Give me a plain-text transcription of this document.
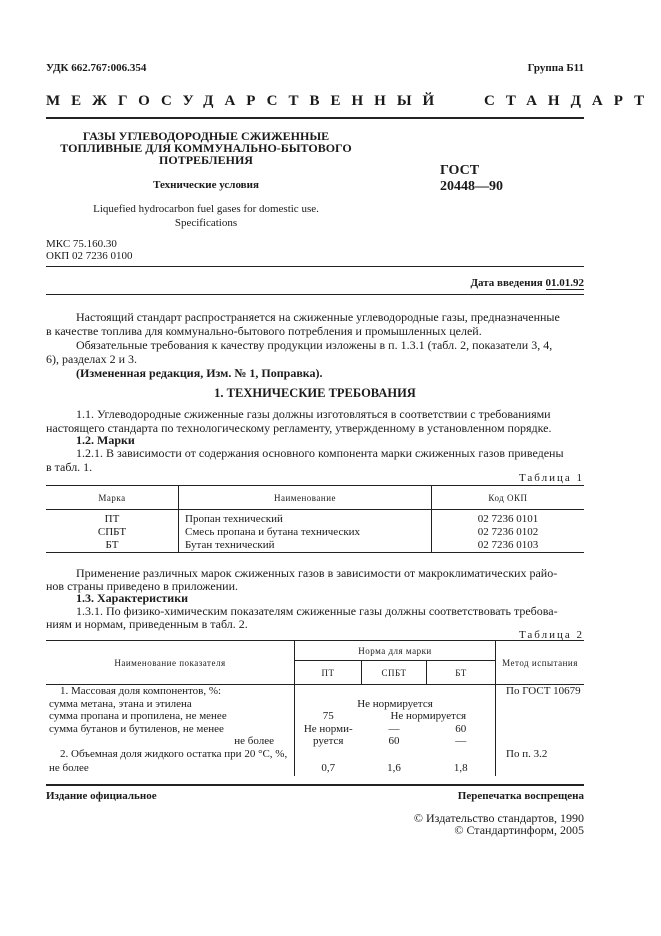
УДК 662.767:006.354	Группа Б11
МЕЖГОСУДАРСТВЕННЫЙ	СТАНДАРТ
ГАЗЫ УГЛЕВОДОРОДНЫЕ СЖИЖЕННЫЕ
ТОПЛИВНЫЕ ДЛЯ КОММУНАЛЬНО-БЫТОВОГО
ПОТРЕБЛЕНИЯ
Технические условия
Liquefied hydrocarbon fuel gases for domestic use.
Specifications
ГОСТ
20448—90
МКС 75.160.30
ОКП 02 7236 0100
Дата введения 01.01.92
Настоящий стандарт распространяется на сжиженные углеводородные газы, предназначенные
в качестве топлива для коммунально-бытового потребления и промышленных целей.
Обязательные требования к качеству продукции изложены в п. 1.3.1 (табл. 2, показатели 3, 4,
6), разделах 2 и 3.
(Измененная редакция, Изм. № 1, Поправка).
1. ТЕХНИЧЕСКИЕ ТРЕБОВАНИЯ
1.1. Углеводородные сжиженные газы должны изготовляться в соответствии с требованиями
настоящего стандарта по технологическому регламенту, утвержденному в установленном порядке.
1.2. Марки
1.2.1. В зависимости от содержания основного компонента марки сжиженных газов приведены
в табл. 1.
Таблица 1
Марка	Наименование	Код ОКП
ПТ	Пропан технический	02 7236 0101
СПБТ	Смесь пропана и бутана технических	02 7236 0102
БТ	Бутан технический	02 7236 0103
Применение различных марок сжиженных газов в зависимости от макроклиматических райо-
нов страны приведено в приложении.
1.3. Характеристики
1.3.1. По физико-химическим показателям сжиженные газы должны соответствовать требова-
ниям и нормам, приведенным в табл. 2.
Таблица 2
Наименование показателя	Норма для марки			Метод испытания
	ПТ	СПБТ	БТ	
1. Массовая доля компонентов, %:				По ГОСТ 10679
сумма метана, этана и этилена	Не нормируется			
сумма пропана и пропилена, не менее	75	Не нормируется		
сумма бутанов и бутиленов, не менее	Не норми-	—	60	
не более	руется	60	—	
2. Объемная доля жидкого остатка при 20 °С, %,				По п. 3.2
не более	0,7	1,6	1,8	
Издание официальное	Перепечатка воспрещена
© Издательство стандартов, 1990
© Стандартинформ, 2005
